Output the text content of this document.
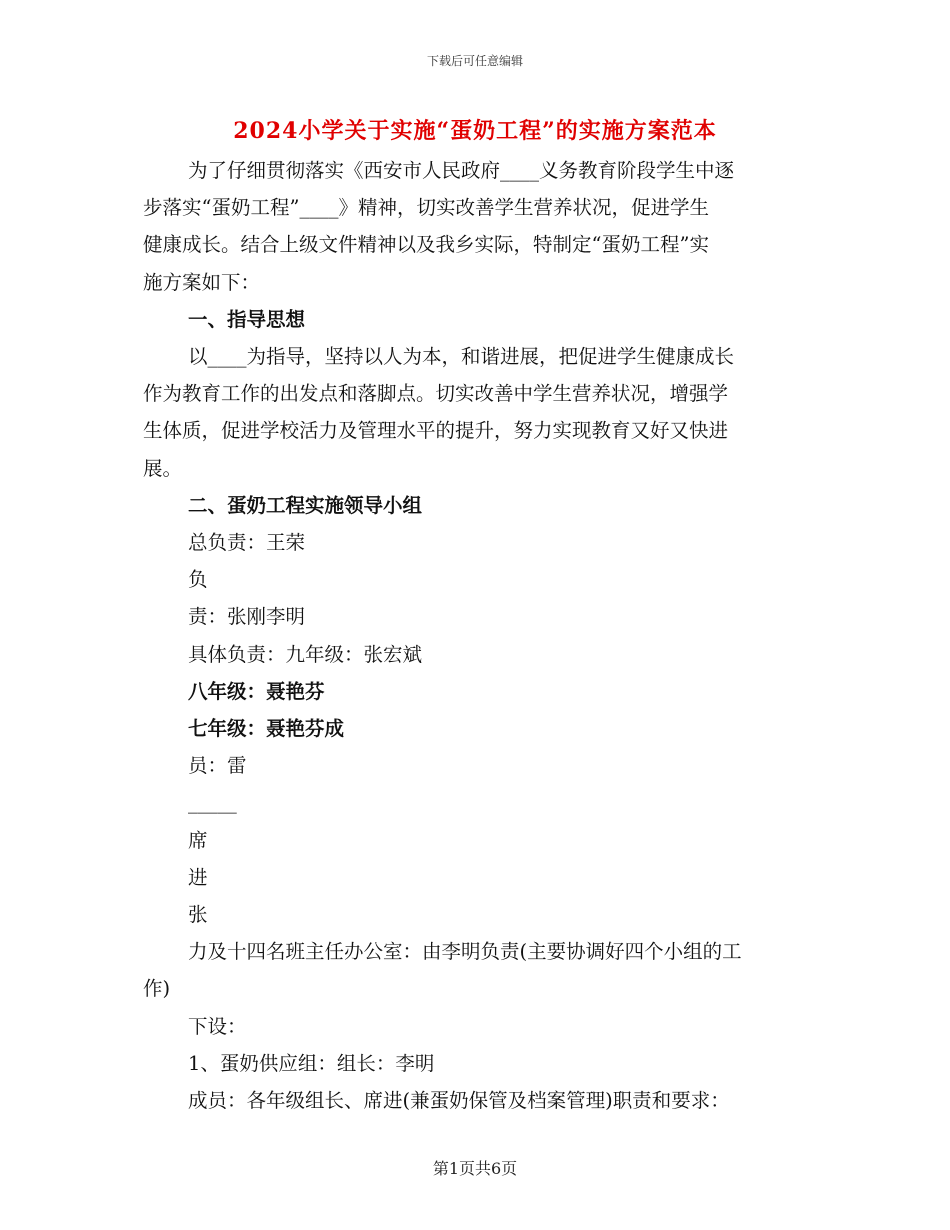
下载后可任意编辑
2024小学关于实施“蛋奶工程”的实施方案范本

为了仔细贯彻落实《西安市人民政府____义务教育阶段学生中逐
步落实“蛋奶工程”____》精神，切实改善学生营养状况，促进学生
健康成长。结合上级文件精神以及我乡实际，特制定“蛋奶工程”实
施方案如下：

一、指导思想

以____为指导，坚持以人为本，和谐进展，把促进学生健康成长
作为教育工作的出发点和落脚点。切实改善中学生营养状况，增强学
生体质，促进学校活力及管理水平的提升，努力实现教育又好又快进
展。

二、蛋奶工程实施领导小组

总负责：王荣

负

责：张刚李明

具体负责：九年级：张宏斌

八年级：聂艳芬

七年级：聂艳芬成

员：雷

_____

席

进

张

力及十四名班主任办公室：由李明负责(主要协调好四个小组的工
作)

下设：

1、蛋奶供应组：组长：李明

成员：各年级组长、席进(兼蛋奶保管及档案管理)职责和要求：

第1页共6页
